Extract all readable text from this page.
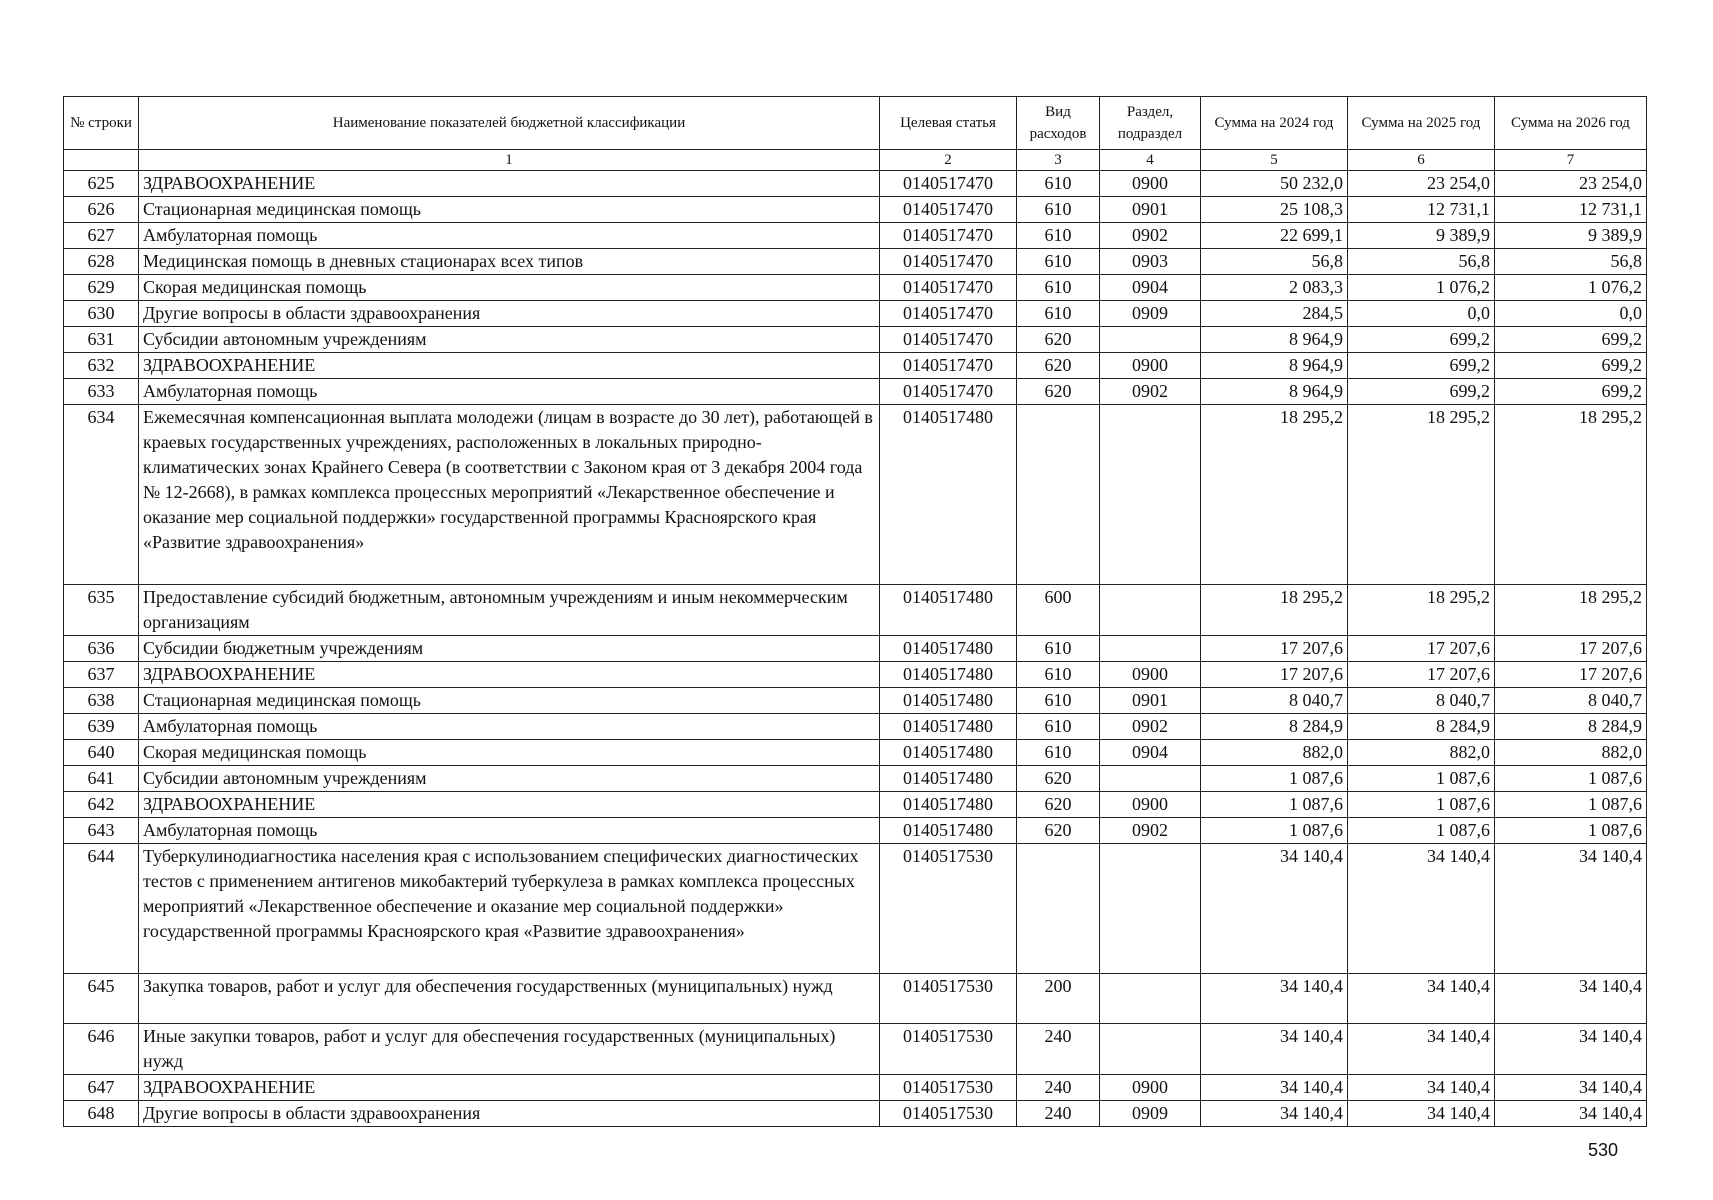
№ строки	Наименование показателей бюджетной классификации	Целевая статья	Вид расходов	Раздел, подраздел	Сумма на 2024 год	Сумма на 2025 год	Сумма на 2026 год
	1	2	3	4	5	6	7
625	ЗДРАВООХРАНЕНИЕ	0140517470	610	0900	50 232,0	23 254,0	23 254,0
626	Стационарная медицинская помощь	0140517470	610	0901	25 108,3	12 731,1	12 731,1
627	Амбулаторная помощь	0140517470	610	0902	22 699,1	9 389,9	9 389,9
628	Медицинская помощь в дневных стационарах всех типов	0140517470	610	0903	56,8	56,8	56,8
629	Скорая медицинская помощь	0140517470	610	0904	2 083,3	1 076,2	1 076,2
630	Другие вопросы в области здравоохранения	0140517470	610	0909	284,5	0,0	0,0
631	Субсидии автономным учреждениям	0140517470	620		8 964,9	699,2	699,2
632	ЗДРАВООХРАНЕНИЕ	0140517470	620	0900	8 964,9	699,2	699,2
633	Амбулаторная помощь	0140517470	620	0902	8 964,9	699,2	699,2
634	Ежемесячная компенсационная выплата молодежи (лицам в возрасте до 30 лет), работающей в краевых государственных учреждениях, расположенных в локальных природно-климатических зонах Крайнего Севера (в соответствии с Законом края от 3 декабря 2004 года № 12-2668), в рамках комплекса процессных мероприятий «Лекарственное обеспечение и оказание мер социальной поддержки» государственной программы Красноярского края «Развитие здравоохранения»	0140517480			18 295,2	18 295,2	18 295,2
635	Предоставление субсидий бюджетным, автономным учреждениям и иным некоммерческим организациям	0140517480	600		18 295,2	18 295,2	18 295,2
636	Субсидии бюджетным учреждениям	0140517480	610		17 207,6	17 207,6	17 207,6
637	ЗДРАВООХРАНЕНИЕ	0140517480	610	0900	17 207,6	17 207,6	17 207,6
638	Стационарная медицинская помощь	0140517480	610	0901	8 040,7	8 040,7	8 040,7
639	Амбулаторная помощь	0140517480	610	0902	8 284,9	8 284,9	8 284,9
640	Скорая медицинская помощь	0140517480	610	0904	882,0	882,0	882,0
641	Субсидии автономным учреждениям	0140517480	620		1 087,6	1 087,6	1 087,6
642	ЗДРАВООХРАНЕНИЕ	0140517480	620	0900	1 087,6	1 087,6	1 087,6
643	Амбулаторная помощь	0140517480	620	0902	1 087,6	1 087,6	1 087,6
644	Туберкулинодиагностика населения края с использованием специфических диагностических тестов с применением антигенов микобактерий туберкулеза в рамках комплекса процессных мероприятий «Лекарственное обеспечение и оказание мер социальной поддержки» государственной программы Красноярского края «Развитие здравоохранения»	0140517530			34 140,4	34 140,4	34 140,4
645	Закупка товаров, работ и услуг для обеспечения государственных (муниципальных) нужд	0140517530	200		34 140,4	34 140,4	34 140,4
646	Иные закупки товаров, работ и услуг для обеспечения государственных (муниципальных) нужд	0140517530	240		34 140,4	34 140,4	34 140,4
647	ЗДРАВООХРАНЕНИЕ	0140517530	240	0900	34 140,4	34 140,4	34 140,4
648	Другие вопросы в области здравоохранения	0140517530	240	0909	34 140,4	34 140,4	34 140,4
530
